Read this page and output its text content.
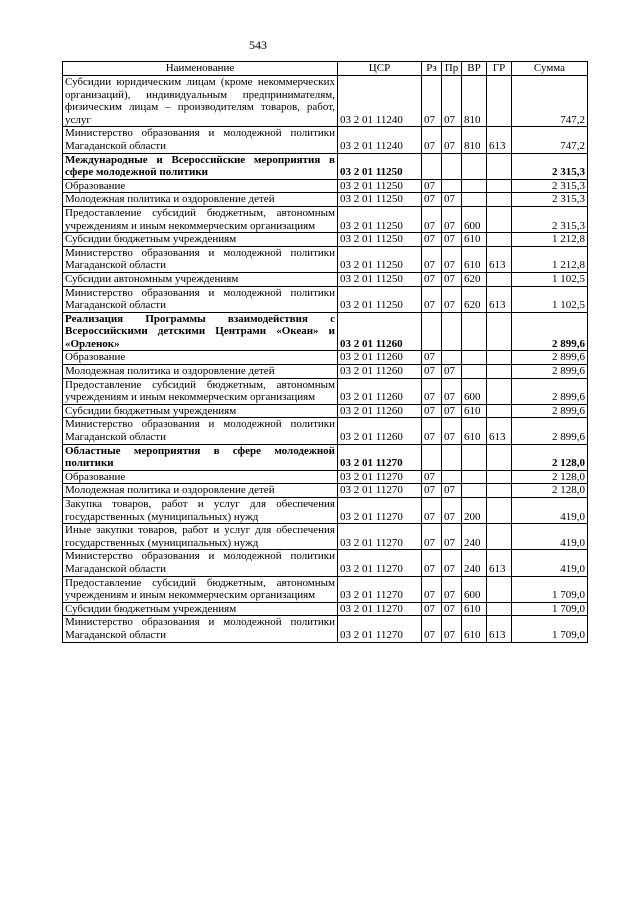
543
Наименование	ЦСР	Рз	Пр	ВР	ГР	Сумма
Субсидии юридическим лицам (кроме некоммерческих организаций), индивидуальным предпринимателям, физическим лицам – производителям товаров, работ, услуг	03 2 01 11240	07	07	810		747,2
Министерство образования и молодежной политики Магаданской области	03 2 01 11240	07	07	810	613	747,2
Международные и Всероссийские мероприятия в сфере молодежной политики	03 2 01 11250					2 315,3
Образование	03 2 01 11250	07				2 315,3
Молодежная политика и оздоровление детей	03 2 01 11250	07	07			2 315,3
Предоставление субсидий бюджетным, автономным учреждениям и иным некоммерческим организациям	03 2 01 11250	07	07	600		2 315,3
Субсидии бюджетным учреждениям	03 2 01 11250	07	07	610		1 212,8
Министерство образования и молодежной политики Магаданской области	03 2 01 11250	07	07	610	613	1 212,8
Субсидии автономным учреждениям	03 2 01 11250	07	07	620		1 102,5
Министерство образования и молодежной политики Магаданской области	03 2 01 11250	07	07	620	613	1 102,5
Реализация Программы взаимодействия с Всероссийскими детскими Центрами «Океан» и «Орленок»	03 2 01 11260					2 899,6
Образование	03 2 01 11260	07				2 899,6
Молодежная политика и оздоровление детей	03 2 01 11260	07	07			2 899,6
Предоставление субсидий бюджетным, автономным учреждениям и иным некоммерческим организациям	03 2 01 11260	07	07	600		2 899,6
Субсидии бюджетным учреждениям	03 2 01 11260	07	07	610		2 899,6
Министерство образования и молодежной политики Магаданской области	03 2 01 11260	07	07	610	613	2 899,6
Областные мероприятия в сфере молодежной политики	03 2 01 11270					2 128,0
Образование	03 2 01 11270	07				2 128,0
Молодежная политика и оздоровление детей	03 2 01 11270	07	07			2 128,0
Закупка товаров, работ и услуг для обеспечения государственных (муниципальных) нужд	03 2 01 11270	07	07	200		419,0
Иные закупки товаров, работ и услуг для обеспечения государственных (муниципальных) нужд	03 2 01 11270	07	07	240		419,0
Министерство образования и молодежной политики Магаданской области	03 2 01 11270	07	07	240	613	419,0
Предоставление субсидий бюджетным, автономным учреждениям и иным некоммерческим организациям	03 2 01 11270	07	07	600		1 709,0
Субсидии бюджетным учреждениям	03 2 01 11270	07	07	610		1 709,0
Министерство образования и молодежной политики Магаданской области	03 2 01 11270	07	07	610	613	1 709,0
